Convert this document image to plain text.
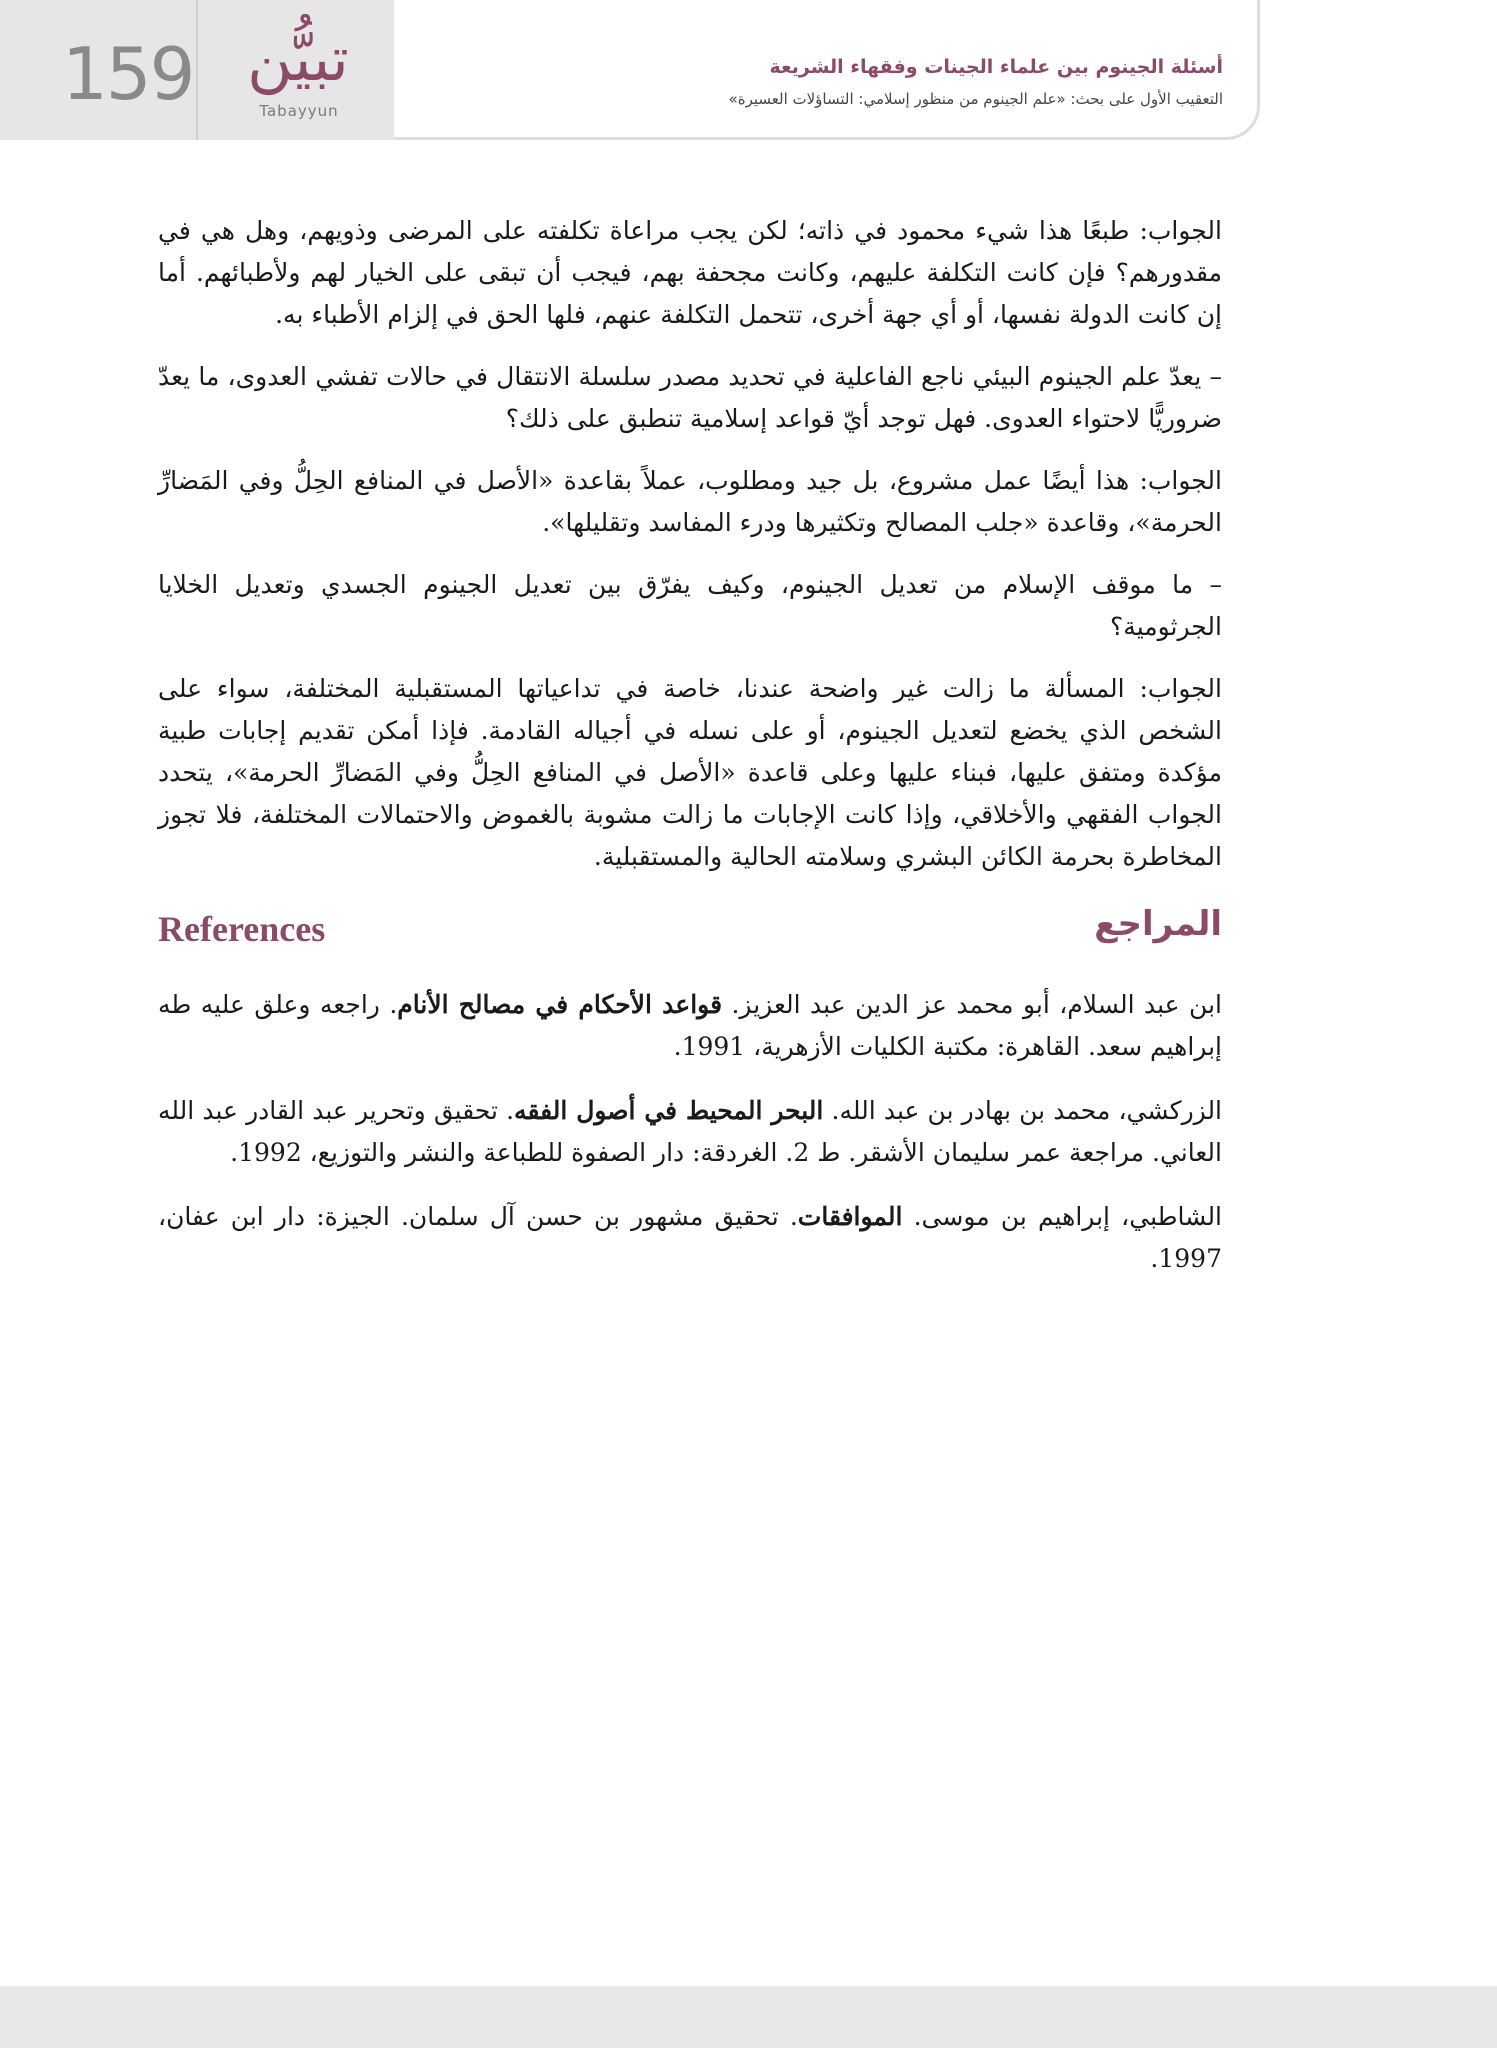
159 تبيُّن
Tabayyun
أسئلة الجينوم بين علماء الجينات وفقهاء الشريعة
التعقيب الأول على بحث: «علم الجينوم من منظور إسلامي: التساؤلات العسيرة»

الجواب: طبعًا هذا شيء محمود في ذاته؛ لكن يجب مراعاة تكلفته على المرضى وذويهم، وهل هي في مقدورهم؟ فإن كانت التكلفة عليهم، وكانت مجحفة بهم، فيجب أن تبقى على الخيار لهم ولأطبائهم. أما إن كانت الدولة نفسها، أو أي جهة أخرى، تتحمل التكلفة عنهم، فلها الحق في إلزام الأطباء به.

– يعدّ علم الجينوم البيئي ناجع الفاعلية في تحديد مصدر سلسلة الانتقال في حالات تفشي العدوى، ما يعدّ ضروريًّا لاحتواء العدوى. فهل توجد أيّ قواعد إسلامية تنطبق على ذلك؟

الجواب: هذا أيضًا عمل مشروع، بل جيد ومطلوب، عملاً بقاعدة «الأصل في المنافع الحِلُّ وفي المَضارِّ الحرمة»، وقاعدة «جلب المصالح وتكثيرها ودرء المفاسد وتقليلها».

– ما موقف الإسلام من تعديل الجينوم، وكيف يفرّق بين تعديل الجينوم الجسدي وتعديل الخلايا الجرثومية؟

الجواب: المسألة ما زالت غير واضحة عندنا، خاصة في تداعياتها المستقبلية المختلفة، سواء على الشخص الذي يخضع لتعديل الجينوم، أو على نسله في أجياله القادمة. فإذا أمكن تقديم إجابات طبية مؤكدة ومتفق عليها، فبناء عليها وعلى قاعدة «الأصل في المنافع الحِلُّ وفي المَضارِّ الحرمة»، يتحدد الجواب الفقهي والأخلاقي، وإذا كانت الإجابات ما زالت مشوبة بالغموض والاحتمالات المختلفة، فلا تجوز المخاطرة بحرمة الكائن البشري وسلامته الحالية والمستقبلية.

References	المراجع

ابن عبد السلام، أبو محمد عز الدين عبد العزيز. قواعد الأحكام في مصالح الأنام. راجعه وعلق عليه طه إبراهيم سعد. القاهرة: مكتبة الكليات الأزهرية، 1991.

الزركشي، محمد بن بهادر بن عبد الله. البحر المحيط في أصول الفقه. تحقيق وتحرير عبد القادر عبد الله العاني. مراجعة عمر سليمان الأشقر. ط 2. الغردقة: دار الصفوة للطباعة والنشر والتوزيع، 1992.

الشاطبي، إبراهيم بن موسى. الموافقات. تحقيق مشهور بن حسن آل سلمان. الجيزة: دار ابن عفان، 1997.
